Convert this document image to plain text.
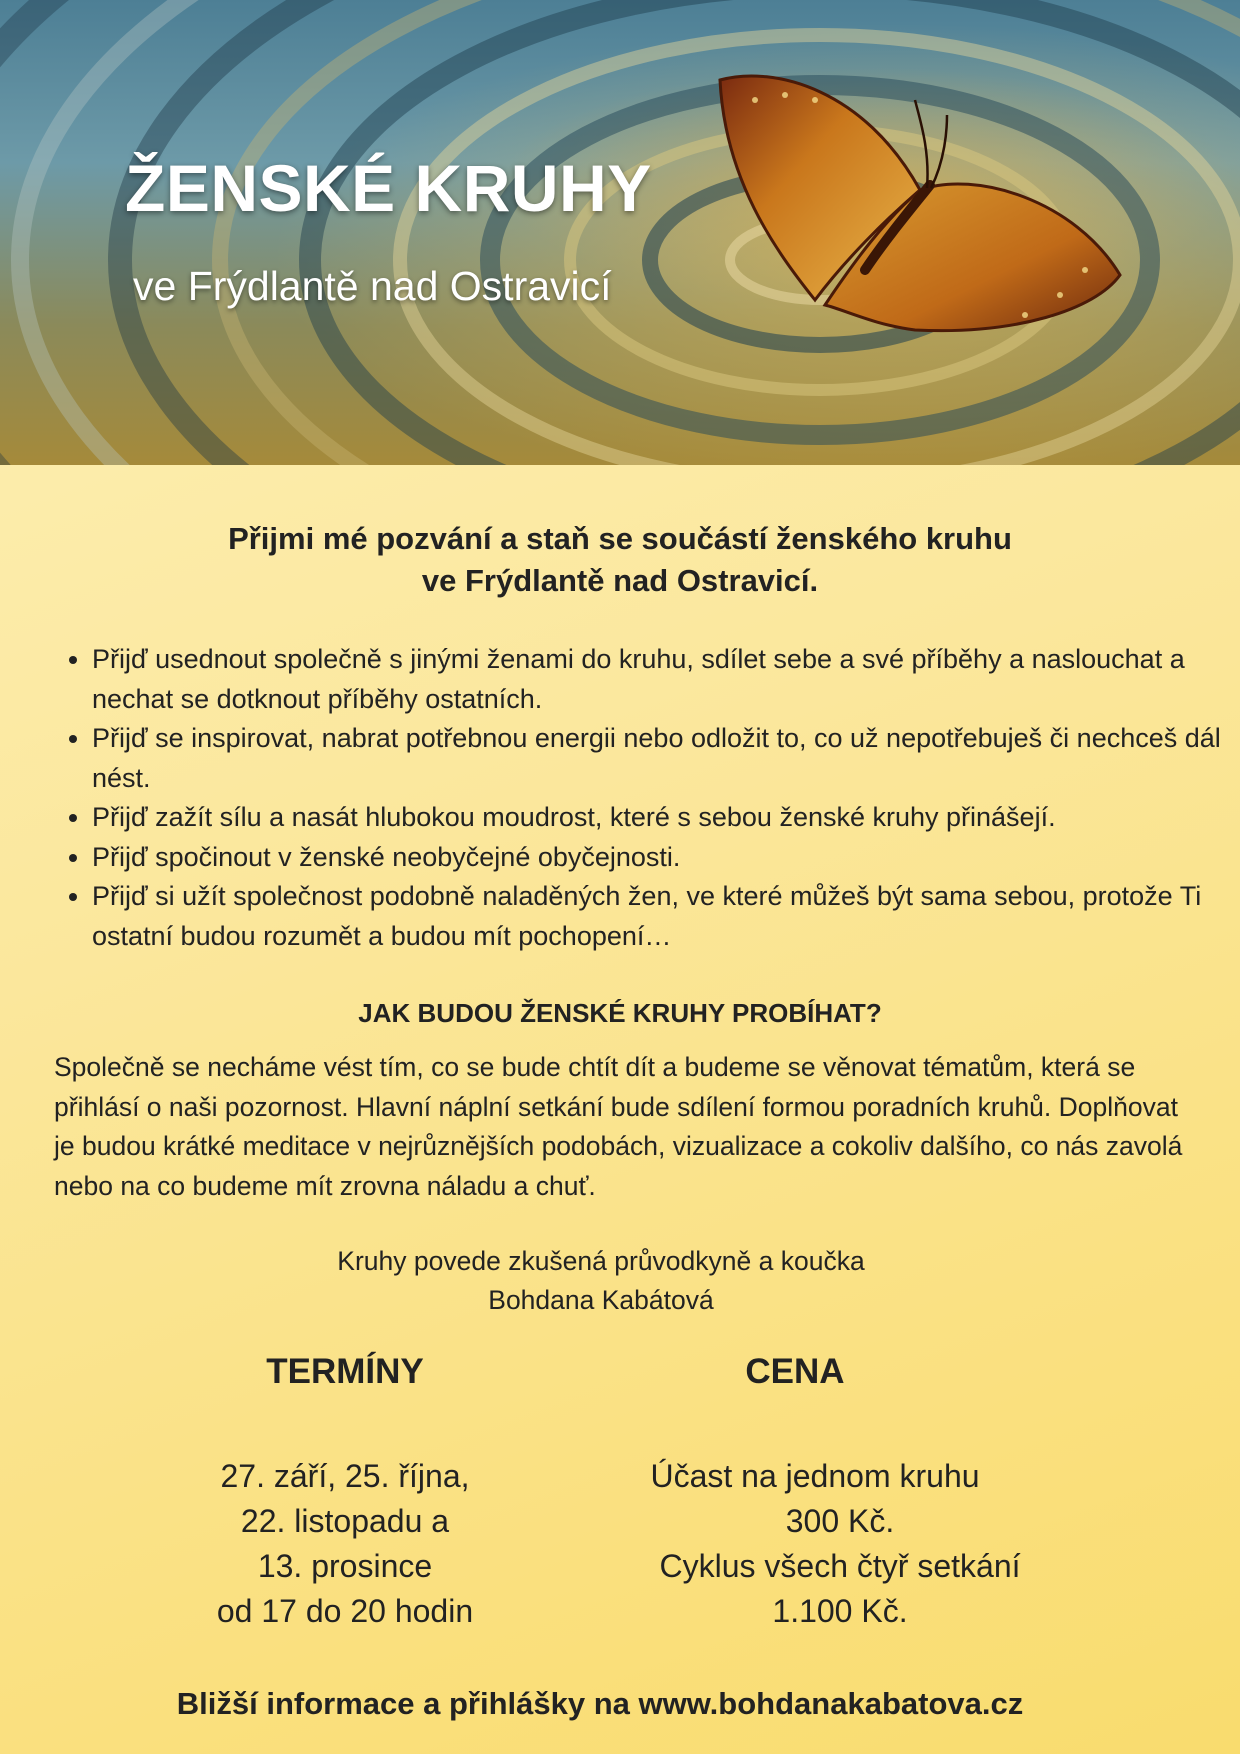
ŽENSKÉ KRUHY

ve Frýdlantě nad Ostravicí

Přijmi mé pozvání a staň se součástí ženského kruhu
ve Frýdlantě nad Ostravicí.

• Přijď usednout společně s jinými ženami do kruhu, sdílet sebe a své příběhy a naslouchat a nechat se dotknout příběhy ostatních.
• Přijď se inspirovat, nabrat potřebnou energii nebo odložit to, co už nepotřebuješ či nechceš dál nést.
• Přijď zažít sílu a nasát hlubokou moudrost, které s sebou ženské kruhy přinášejí.
• Přijď spočinout v ženské neobyčejné obyčejnosti.
• Přijď si užít společnost podobně naladěných žen, ve které můžeš být sama sebou, protože Ti ostatní budou rozumět a budou mít pochopení…
JAK BUDOU ŽENSKÉ KRUHY PROBÍHAT?

Společně se necháme vést tím, co se bude chtít dít a budeme se věnovat tématům, která se přihlásí o naši pozornost. Hlavní náplní setkání bude sdílení formou poradních kruhů. Doplňovat je budou krátké meditace v nejrůznějších podobách, vizualizace a cokoliv dalšího, co nás zavolá nebo na co budeme mít zrovna náladu a chuť.

Kruhy povede zkušená průvodkyně a koučka
Bohdana Kabátová
TERMÍNY
27. září, 25. října,
22. listopadu a
13. prosince
od 17 do 20 hodin
CENA
Účast na jednom kruhu
300 Kč.
Cyklus všech čtyř setkání
1.100 Kč.

Bližší informace a přihlášky na www.bohdanakabatova.cz
